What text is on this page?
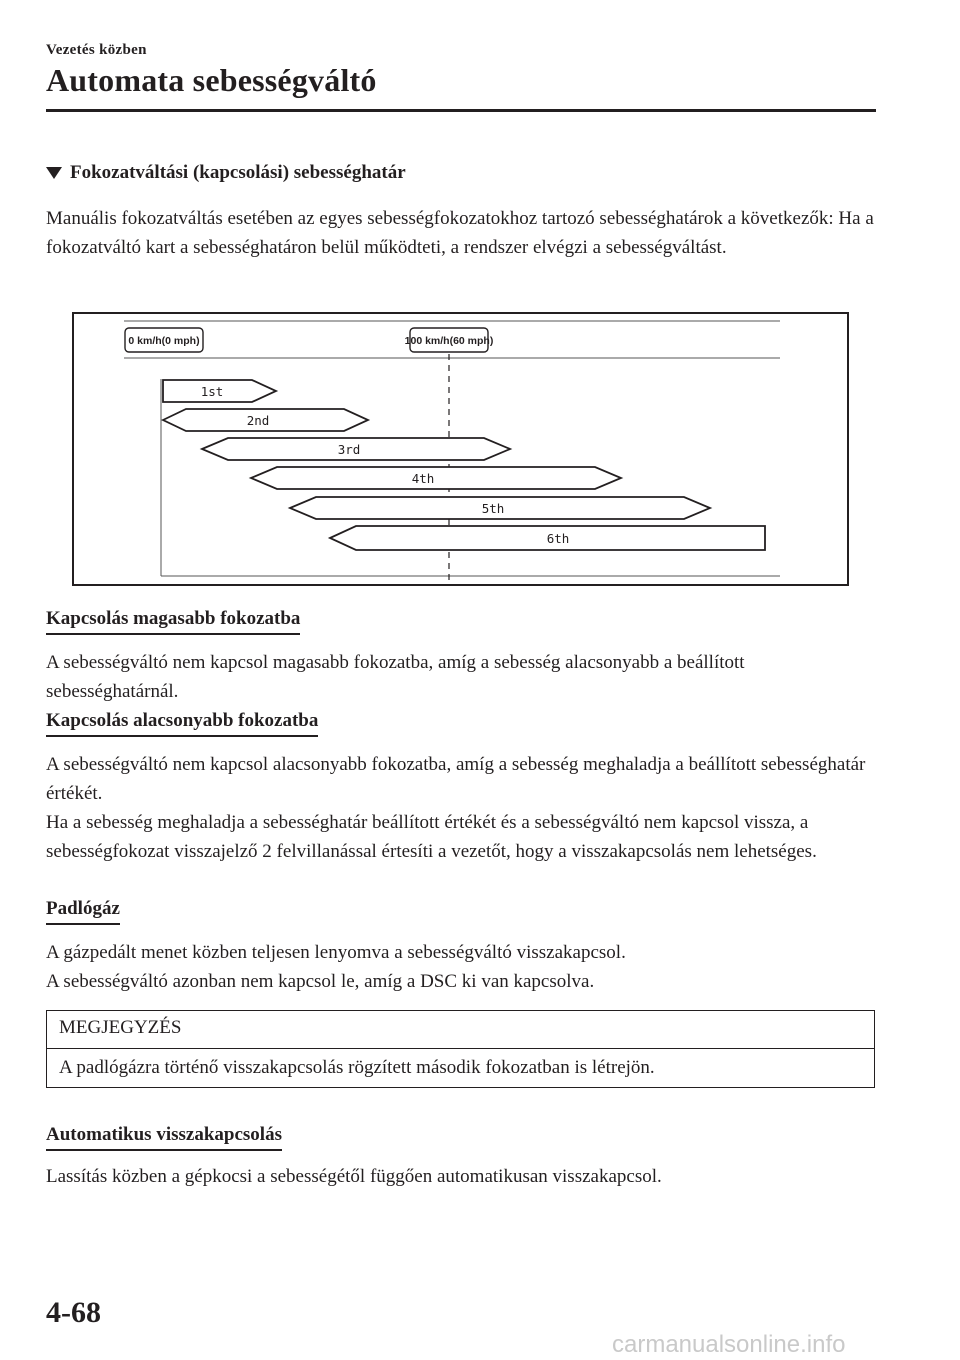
Vezetés közben
Automata sebességváltó
Fokozatváltási (kapcsolási) sebességhatár
Manuális fokozatváltás esetében az egyes sebességfokozatokhoz tartozó sebességhatárok a következők: Ha a fokozatváltó kart a sebességhatáron belül működteti, a rendszer elvégzi a sebességváltást.
0 km/h(0 mph)	100 km/h(60 mph)
1st
2nd
3rd
4th
5th
6th
Kapcsolás magasabb fokozatba
A sebességváltó nem kapcsol magasabb fokozatba, amíg a sebesség alacsonyabb a beállított sebességhatárnál.
Kapcsolás alacsonyabb fokozatba
A sebességváltó nem kapcsol alacsonyabb fokozatba, amíg a sebesség meghaladja a beállított sebességhatár értékét.
Ha a sebesség meghaladja a sebességhatár beállított értékét és a sebességváltó nem kapcsol vissza, a sebességfokozat visszajelző 2 felvillanással értesíti a vezetőt, hogy a visszakapcsolás nem lehetséges.
Padlógáz
A gázpedált menet közben teljesen lenyomva a sebességváltó visszakapcsol.
A sebességváltó azonban nem kapcsol le, amíg a DSC ki van kapcsolva.
MEGJEGYZÉS
A padlógázra történő visszakapcsolás rögzített második fokozatban is létrejön.
Automatikus visszakapcsolás
Lassítás közben a gépkocsi a sebességétől függően automatikusan visszakapcsol.
4-68
carmanualsonline.info
